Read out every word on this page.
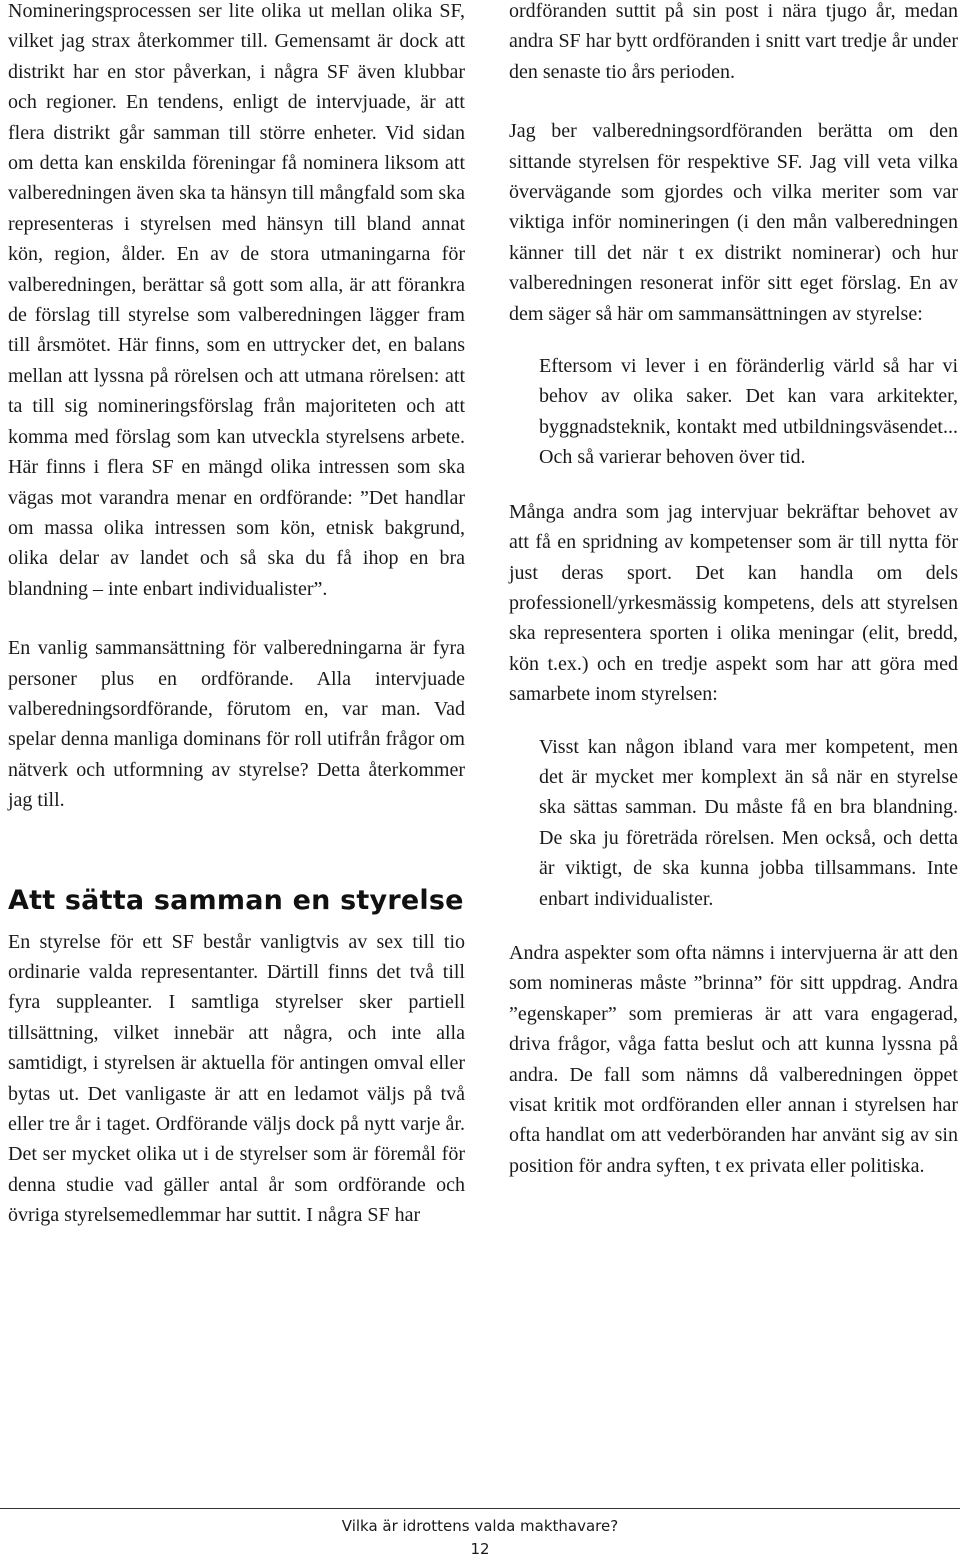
Nomineringsprocessen ser lite olika ut mellan olika SF, vilket jag strax återkommer till. Gemensamt är dock att distrikt har en stor påverkan, i några SF även klubbar och regioner. En tendens, enligt de intervjuade, är att flera distrikt går samman till större enheter. Vid sidan om detta kan enskilda föreningar få nominera liksom att valberedningen även ska ta hänsyn till mångfald som ska representeras i styrelsen med hänsyn till bland annat kön, region, ålder. En av de stora utmaningarna för valberedningen, berättar så gott som alla, är att förankra de förslag till styrelse som valberedningen lägger fram till årsmötet. Här finns, som en uttrycker det, en balans mellan att lyssna på rörelsen och att utmana rörelsen: att ta till sig nomineringsförslag från majoriteten och att komma med förslag som kan utveckla styrelsens arbete. Här finns i flera SF en mängd olika intressen som ska vägas mot varandra menar en ordförande: ”Det handlar om massa olika intressen som kön, etnisk bakgrund, olika delar av landet och så ska du få ihop en bra blandning – inte enbart individualister”.

En vanlig sammansättning för valberedningarna är fyra personer plus en ordförande. Alla intervjuade valberedningsordförande, förutom en, var man. Vad spelar denna manliga dominans för roll utifrån frågor om nätverk och utformning av styrelse? Detta återkommer jag till.

Att sätta samman en styrelse

En styrelse för ett SF består vanligtvis av sex till tio ordinarie valda representanter. Därtill finns det två till fyra suppleanter. I samtliga styrelser sker partiell tillsättning, vilket innebär att några, och inte alla samtidigt, i styrelsen är aktuella för antingen omval eller bytas ut. Det vanligaste är att en ledamot väljs på två eller tre år i taget. Ordförande väljs dock på nytt varje år. Det ser mycket olika ut i de styrelser som är föremål för denna studie vad gäller antal år som ordförande och övriga styrelsemedlemmar har suttit. I några SF har

ordföranden suttit på sin post i nära tjugo år, medan andra SF har bytt ordföranden i snitt vart tredje år under den senaste tio års perioden.

Jag ber valberedningsordföranden berätta om den sittande styrelsen för respektive SF. Jag vill veta vilka övervägande som gjordes och vilka meriter som var viktiga inför nomineringen (i den mån valberedningen känner till det när t ex distrikt nominerar) och hur valberedningen resonerat inför sitt eget förslag. En av dem säger så här om sammansättningen av styrelse:

Eftersom vi lever i en föränderlig värld så har vi behov av olika saker. Det kan vara arkitekter, byggnadsteknik, kontakt med utbildningsväsendet... Och så varierar behoven över tid.

Många andra som jag intervjuar bekräftar behovet av att få en spridning av kompetenser som är till nytta för just deras sport. Det kan handla om dels professionell/yrkesmässig kompetens, dels att styrelsen ska representera sporten i olika meningar (elit, bredd, kön t.ex.) och en tredje aspekt som har att göra med samarbete inom styrelsen:

Visst kan någon ibland vara mer kompetent, men det är mycket mer komplext än så när en styrelse ska sättas samman. Du måste få en bra blandning. De ska ju företräda rörelsen. Men också, och detta är viktigt, de ska kunna jobba tillsammans. Inte enbart individualister.

Andra aspekter som ofta nämns i intervjuerna är att den som nomineras måste ”brinna” för sitt uppdrag. Andra ”egenskaper” som premieras är att vara engagerad, driva frågor, våga fatta beslut och att kunna lyssna på andra. De fall som nämns då valberedningen öppet visat kritik mot ordföranden eller annan i styrelsen har ofta handlat om att vederböranden har använt sig av sin position för andra syften, t ex privata eller politiska.

Vilka är idrottens valda makthavare?
12
